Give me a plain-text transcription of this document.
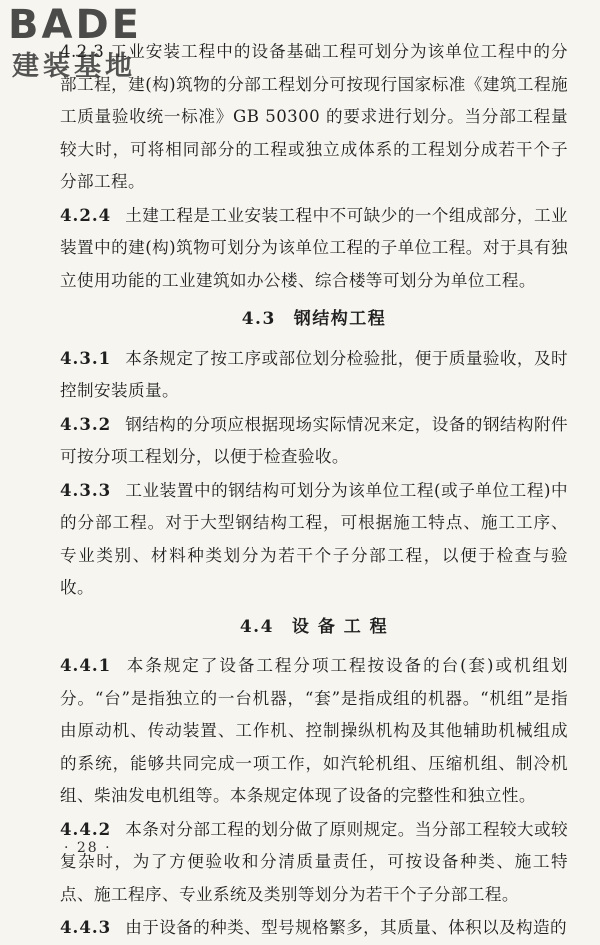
BADE
建装基地

4.2.3 工业安装工程中的设备基础工程可划分为该单位工程中的分部工程，建(构)筑物的分部工程划分可按现行国家标准《建筑工程施工质量验收统一标准》GB 50300 的要求进行划分。当分部工程量较大时，可将相同部分的工程或独立成体系的工程划分成若干个子分部工程。

4.2.4 土建工程是工业安装工程中不可缺少的一个组成部分，工业装置中的建(构)筑物可划分为该单位工程的子单位工程。对于具有独立使用功能的工业建筑如办公楼、综合楼等可划分为单位工程。

4.3 钢结构工程

4.3.1 本条规定了按工序或部位划分检验批，便于质量验收，及时控制安装质量。

4.3.2 钢结构的分项应根据现场实际情况来定，设备的钢结构附件可按分项工程划分，以便于检查验收。

4.3.3 工业装置中的钢结构可划分为该单位工程(或子单位工程)中的分部工程。对于大型钢结构工程，可根据施工特点、施工工序、专业类别、材料种类划分为若干个子分部工程，以便于检查与验收。

4.4 设 备 工 程

4.4.1 本条规定了设备工程分项工程按设备的台(套)或机组划分。“台”是指独立的一台机器，“套”是指成组的机器。“机组”是指由原动机、传动装置、工作机、控制操纵机构及其他辅助机械组成的系统，能够共同完成一项工作，如汽轮机组、压缩机组、制冷机组、柴油发电机组等。本条规定体现了设备的完整性和独立性。

4.4.2 本条对分部工程的划分做了原则规定。当分部工程较大或较复杂时，为了方便验收和分清质量责任，可按设备种类、施工特点、施工程序、专业系统及类别等划分为若干个子分部工程。

4.4.3 由于设备的种类、型号规格繁多，其质量、体积以及构造的

· 28 ·
